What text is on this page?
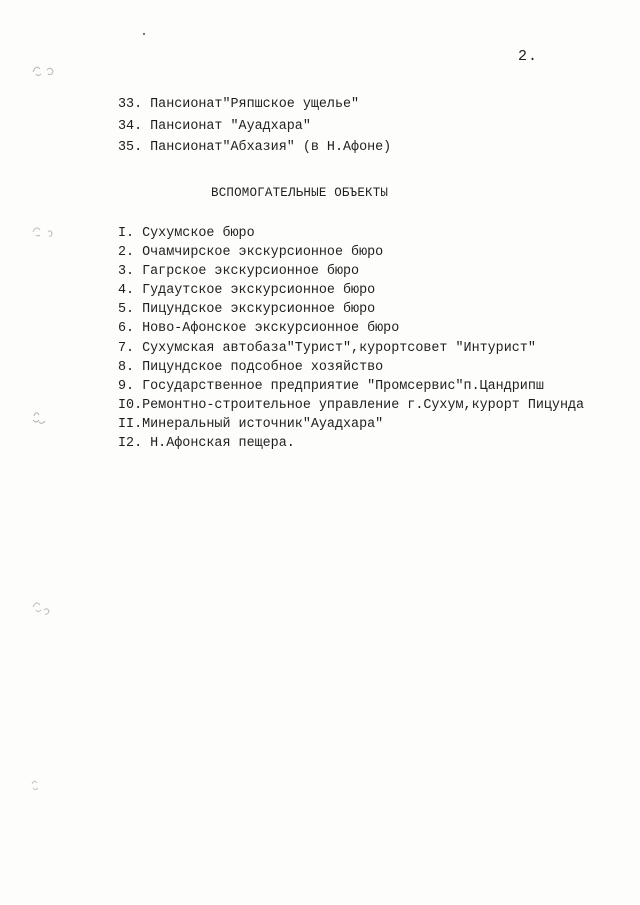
2.
33. Пансионат"Ряпшское ущелье"
34. Пансионат "Ауадхара"
35. Пансионат"Абхазия" (в Н.Афоне)
ВСПОМОГАТЕЛЬНЫЕ ОБЪЕКТЫ
I. Сухумское бюро
2. Очамчирское экскурсионное бюро
3. Гагрское экскурсионное бюро
4. Гудаутское экскурсионное бюро
5. Пицундское экскурсионное бюро
6. Ново-Афонское экскурсионное бюро
7. Сухумская автобаза"Турист",курортсовет "Интурист"
8. Пицундское подсобное хозяйство
9. Государственное предприятие "Промсервис"п.Цандрипш
I0.Ремонтно-строительное управление г.Сухум,курорт Пицунда
II.Минеральный источник"Ауадхара"
I2. Н.Афонская пещера.
